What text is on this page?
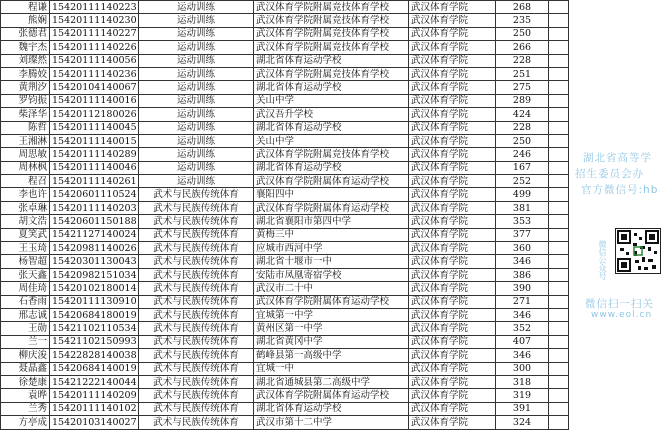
程谦	15420111140223	运动训练	武汉体育学院附属竞技体育学校	武汉体育学院	268	
熊娴	15420111140230	运动训练	武汉体育学院附属竞技体育学校	武汉体育学院	235	
张德君	15420111140227	运动训练	武汉体育学院附属竞技体育学校	武汉体育学院	250	
魏宇杰	15420111140226	运动训练	武汉体育学院附属竞技体育学校	武汉体育学院	266	
刘璨然	15420111140056	运动训练	湖北省体育运动学校	武汉体育学院	228	
李腾姣	15420111140236	运动训练	武汉体育学院附属竞技体育学校	武汉体育学院	251	
黄荆汐	15420104140067	运动训练	湖北省体育运动学校	武汉体育学院	275	
罗钧振	15420111140016	运动训练	关山中学	武汉体育学院	289	
柴泽华	15420112180026	运动训练	武汉吾升学校	武汉体育学院	424	
陈哲	15420111140045	运动训练	湖北省体育运动学校	武汉体育学院	228	
王湘淋	15420111140015	运动训练	关山中学	武汉体育学院	250	
周思敏	15420111140289	运动训练	武汉体育学院附属竞技体育学校	武汉体育学院	246	
周林枫	15420111140046	运动训练	湖北省体育运动学校	武汉体育学院	167	
程召	15420111140261	运动训练	武汉体育学院附属体育运动学校	武汉体育学院	252	
李也许	15420601110524	武术与民族传统体育	襄阳四中	武汉体育学院	499	
张卓琳	15420111140203	武术与民族传统体育	武汉体育学院附属体育运动学校	武汉体育学院	381	
胡文浩	15420601150188	武术与民族传统体育	湖北省襄阳市第四中学	武汉体育学院	353	
夏笑武	15421127140024	武术与民族传统体育	黄梅三中	武汉体育学院	377	
王玉琦	15420981140026	武术与民族传统体育	应城市西河中学	武汉体育学院	360	
杨智超	15420301130043	武术与民族传统体育	湖北省十堰市一中	武汉体育学院	346	
张天鑫	15420982151034	武术与民族传统体育	安陆市凤凰寄宿学校	武汉体育学院	386	
周佳琦	15420102180014	武术与民族传统体育	武汉市二十中	武汉体育学院	390	
石香雨	15420111130910	武术与民族传统体育	武汉体育学院附属体育运动学校	武汉体育学院	271	
邢志诚	15420684180019	武术与民族传统体育	宜城第一中学	武汉体育学院	346	
王勋	15421102110534	武术与民族传统体育	黄州区第一中学	武汉体育学院	352	
兰一	15421102150993	武术与民族传统体育	湖北省黄冈中学	武汉体育学院	407	
柳庆浚	15422828140038	武术与民族传统体育	鹤峰县第一高级中学	武汉体育学院	346	
聂晶鑫	15420684140019	武术与民族传统体育	宜城一中	武汉体育学院	300	
徐楚康	15421222140044	武术与民族传统体育	湖北省通城县第二高级中学	武汉体育学院	318	
袁晔	15420111140209	武术与民族传统体育	武汉体育学院附属体育运动学校	武汉体育学院	319	
兰秀	15420111140102	武术与民族传统体育	湖北省体育运动学校	武汉体育学院	391	
方亭成	15420103140027	武术与民族传统体育	武汉市第十二中学	武汉体育学院	324	
湖北省高等学
招生委员会办
官方微信号:hb
微信公众号
微信扫一扫关
www.eol.cn
